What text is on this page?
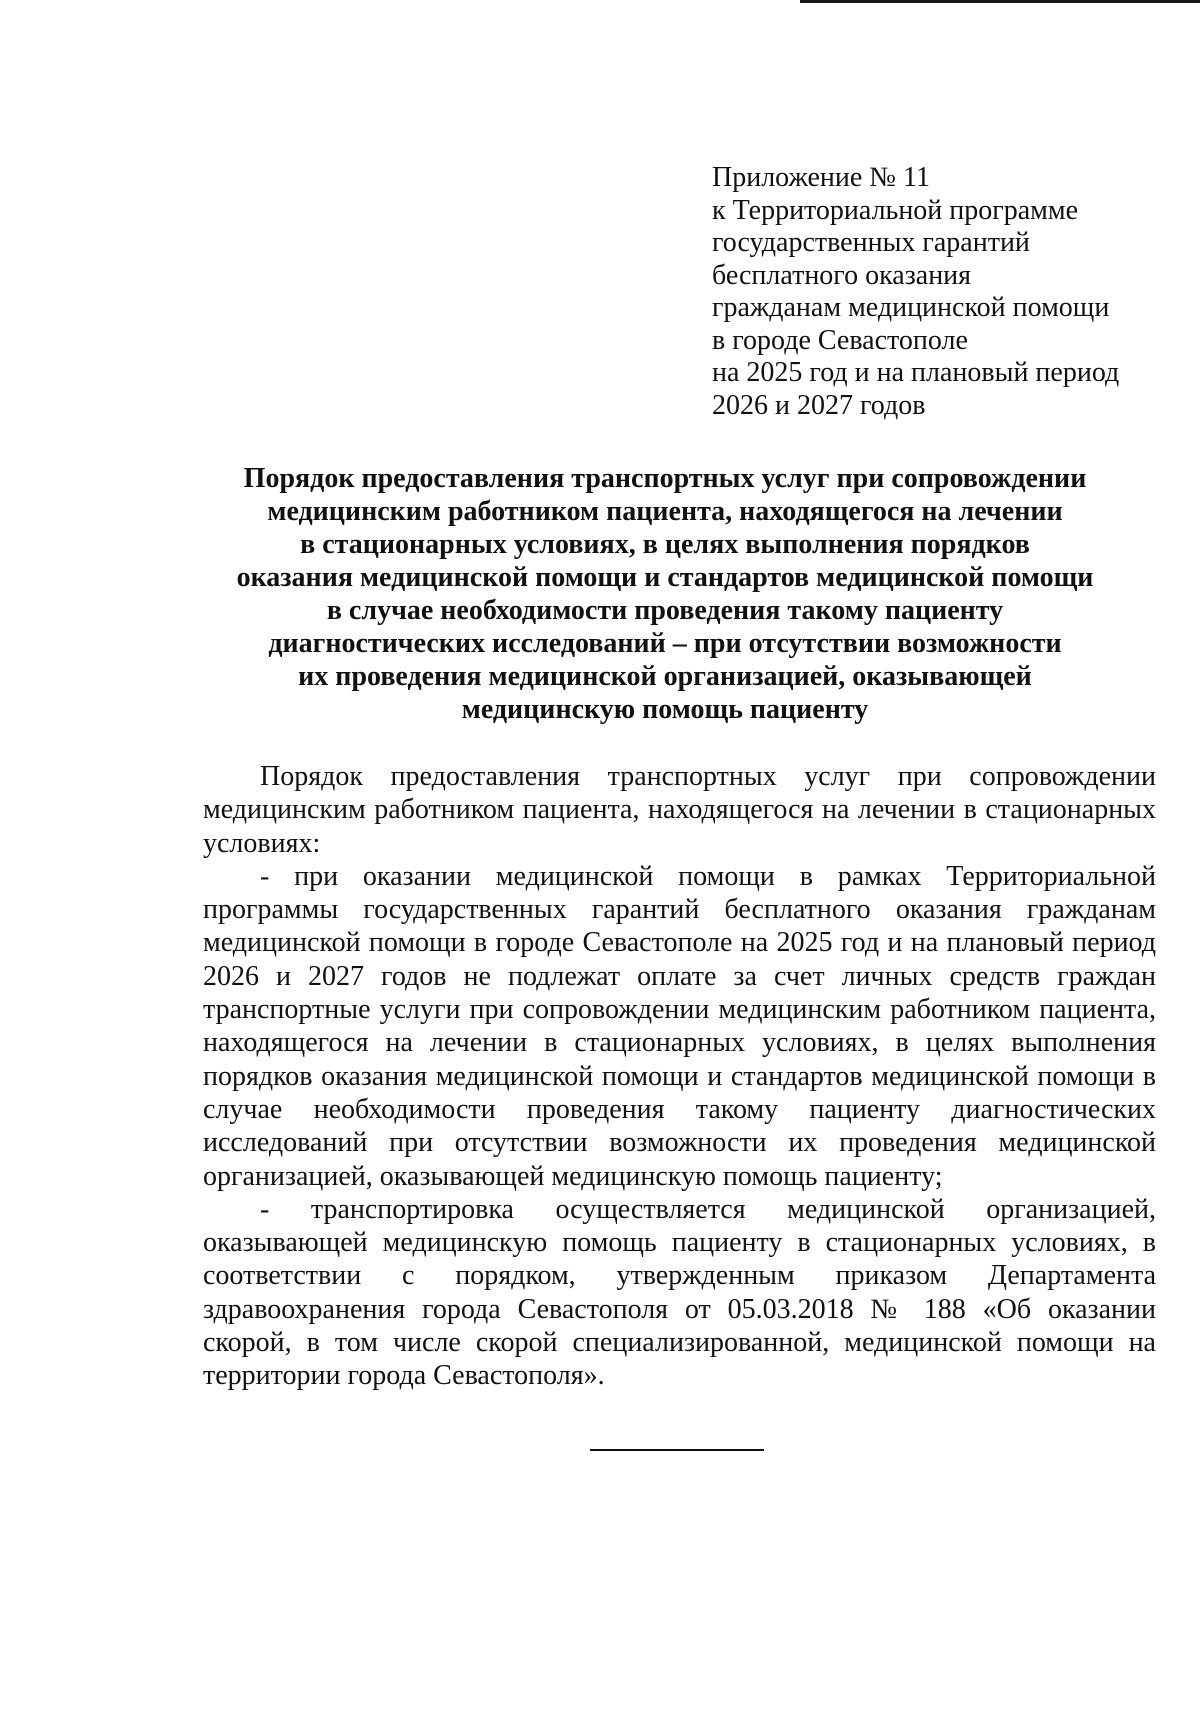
Приложение № 11
к Территориальной программе
государственных гарантий
бесплатного оказания
гражданам медицинской помощи
в городе Севастополе
на 2025 год и на плановый период
2026 и 2027 годов
Порядок предоставления транспортных услуг при сопровождении
медицинским работником пациента, находящегося на лечении
в стационарных условиях, в целях выполнения порядков
оказания медицинской помощи и стандартов медицинской помощи
в случае необходимости проведения такому пациенту
диагностических исследований – при отсутствии возможности
их проведения медицинской организацией, оказывающей
медицинскую помощь пациенту

Порядок предоставления транспортных услуг при сопровождении медицинским работником пациента, находящегося на лечении в стационарных условиях:

- при оказании медицинской помощи в рамках Территориальной программы государственных гарантий бесплатного оказания гражданам медицинской помощи в городе Севастополе на 2025 год и на плановый период 2026 и 2027 годов не подлежат оплате за счет личных средств граждан транспортные услуги при сопровождении медицинским работником пациента, находящегося на лечении в стационарных условиях, в целях выполнения порядков оказания медицинской помощи и стандартов медицинской помощи в случае необходимости проведения такому пациенту диагностических исследований при отсутствии возможности их проведения медицинской организацией, оказывающей медицинскую помощь пациенту;

- транспортировка осуществляется медицинской организацией, оказывающей медицинскую помощь пациенту в стационарных условиях, в соответствии с порядком, утвержденным приказом Департамента здравоохранения города Севастополя от 05.03.2018 № 188 «Об оказании скорой, в том числе скорой специализированной, медицинской помощи на территории города Севастополя».
